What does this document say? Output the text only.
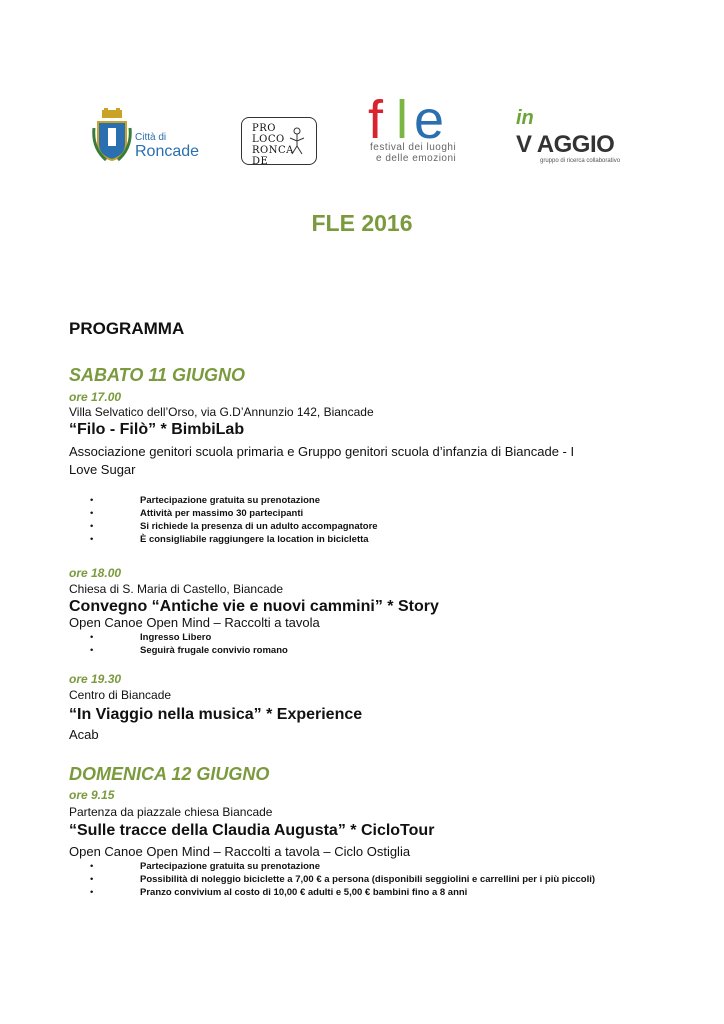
Città di
Roncade
PRO LOCO RONCADE
f l e
festival dei luoghi
e delle emozioni
in
V AGGIO
gruppo di ricerca collaborativo
FLE 2016
PROGRAMMA
SABATO 11 GIUGNO
ore 17.00
Villa Selvatico dell’Orso, via G.D’Annunzio 142, Biancade
“Filo - Filò” * BimbiLab
Associazione genitori scuola primaria e Gruppo genitori scuola d’infanzia di Biancade - I Love Sugar
• Partecipazione gratuita su prenotazione
• Attività per massimo 30 partecipanti
• Si richiede la presenza di un adulto accompagnatore
• È consigliabile raggiungere la location in bicicletta
ore 18.00
Chiesa di S. Maria di Castello, Biancade
Convegno “Antiche vie e nuovi cammini” * Story
Open Canoe Open Mind – Raccolti a tavola
• Ingresso Libero
• Seguirà frugale convivio romano
ore 19.30
Centro di Biancade
“In Viaggio nella musica” * Experience
Acab
DOMENICA 12 GIUGNO
ore 9.15
Partenza da piazzale chiesa Biancade
“Sulle tracce della Claudia Augusta” * CicloTour
Open Canoe Open Mind – Raccolti a tavola – Ciclo Ostiglia
• Partecipazione gratuita su prenotazione
• Possibilità di noleggio biciclette a 7,00 € a persona (disponibili seggiolini e carrellini per i più piccoli)
• Pranzo convivium al costo di 10,00 € adulti e 5,00 € bambini fino a 8 anni
